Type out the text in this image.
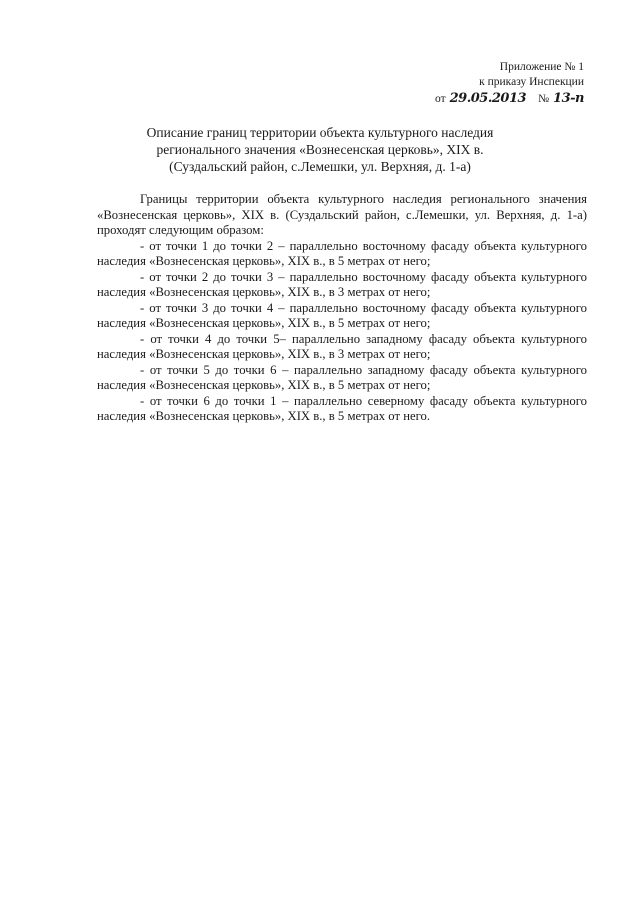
Приложение № 1
к приказу Инспекции
от 29.05.2013 № 13-п
Описание границ территории объекта культурного наследия
регионального значения «Вознесенская церковь», XIX в.
(Суздальский район, с.Лемешки, ул. Верхняя, д. 1-а)

Границы территории объекта культурного наследия регионального значения «Вознесенская церковь», XIX в. (Суздальский район, с.Лемешки, ул. Верхняя, д. 1-а) проходят следующим образом:

- от точки 1 до точки 2 – параллельно восточному фасаду объекта культурного наследия «Вознесенская церковь», XIX в., в 5 метрах от него;

- от точки 2 до точки 3 – параллельно восточному фасаду объекта культурного наследия «Вознесенская церковь», XIX в., в 3 метрах от него;

- от точки 3 до точки 4 – параллельно восточному фасаду объекта культурного наследия «Вознесенская церковь», XIX в., в 5 метрах от него;

- от точки 4 до точки 5– параллельно западному фасаду объекта культурного наследия «Вознесенская церковь», XIX в., в 3 метрах от него;

- от точки 5 до точки 6 – параллельно западному фасаду объекта культурного наследия «Вознесенская церковь», XIX в., в 5 метрах от него;

- от точки 6 до точки 1 – параллельно северному фасаду объекта культурного наследия «Вознесенская церковь», XIX в., в 5 метрах от него.
